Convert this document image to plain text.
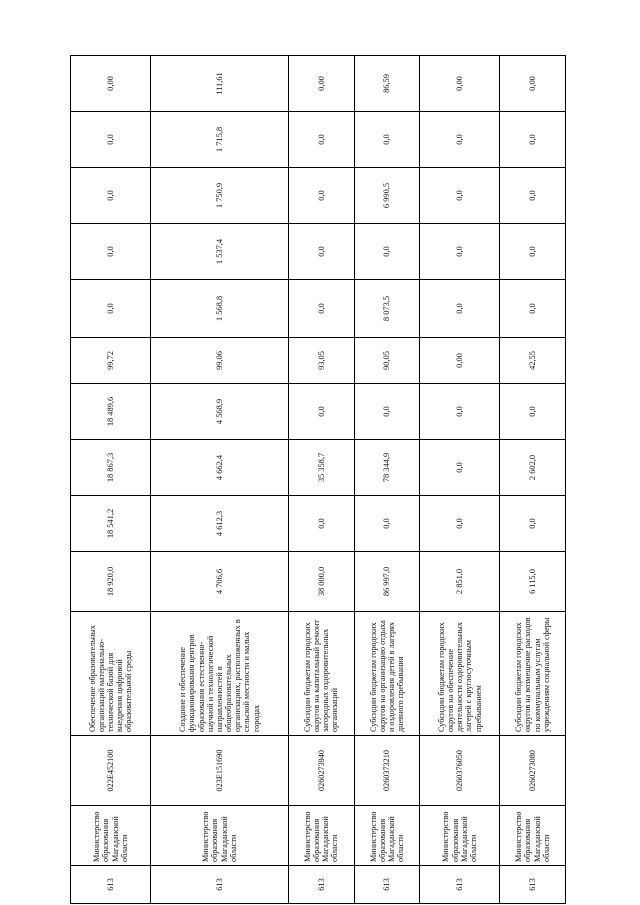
613	Министерство образования Магаданской области	022E452100	Обеспечение образовательных организаций материально-технической базой для внедрения цифровой образовательной среды	18 920,0	18 541,2	18 867,3	18 489,6	99,72	0,0	0,0	0,0	0,0	0,00
613	Министерство образования Магаданской области	023E151690	Создание и обеспечение функционирования центров образования естественно-научной и технологической направленностей в общеобразовательных организациях, расположенных в сельской местности и малых городах	4 706,6	4 612,3	4 662,4	4 568,9	99,06	1 568,8	1 537,4	1 750,9	1 715,8	111,61
613	Министерство образования Магаданской области	0260273940	Субсидии бюджетам городских округов на капитальный ремонт загородных оздоровительных организаций	38 000,0	0,0	35 358,7	0,0	93,05	0,0	0,0	0,0	0,0	0,00
613	Министерство образования Магаданской области	0260373210	Субсидии бюджетам городских округов на организацию отдыха и оздоровления детей в лагерях дневного пребывания	86 997,0	0,0	78 344,9	0,0	90,05	8 073,5	0,0	6 990,5	0,0	86,59
613	Министерство образования Магаданской области	0260376050	Субсидии бюджетам городских округов на обеспечение деятельности оздоровительных лагерей с круглосуточным пребыванием	2 851,0	0,0	0,0	0,0	0,00	0,0	0,0	0,0	0,0	0,00
613	Министерство образования Магаданской области	0260273080	Субсидии бюджетам городских округов на возмещение расходов по коммунальным услугам учреждениям социальной сферы	6 115,0	0,0	2 602,0	0,0	42,55	0,0	0,0	0,0	0,0	0,00
